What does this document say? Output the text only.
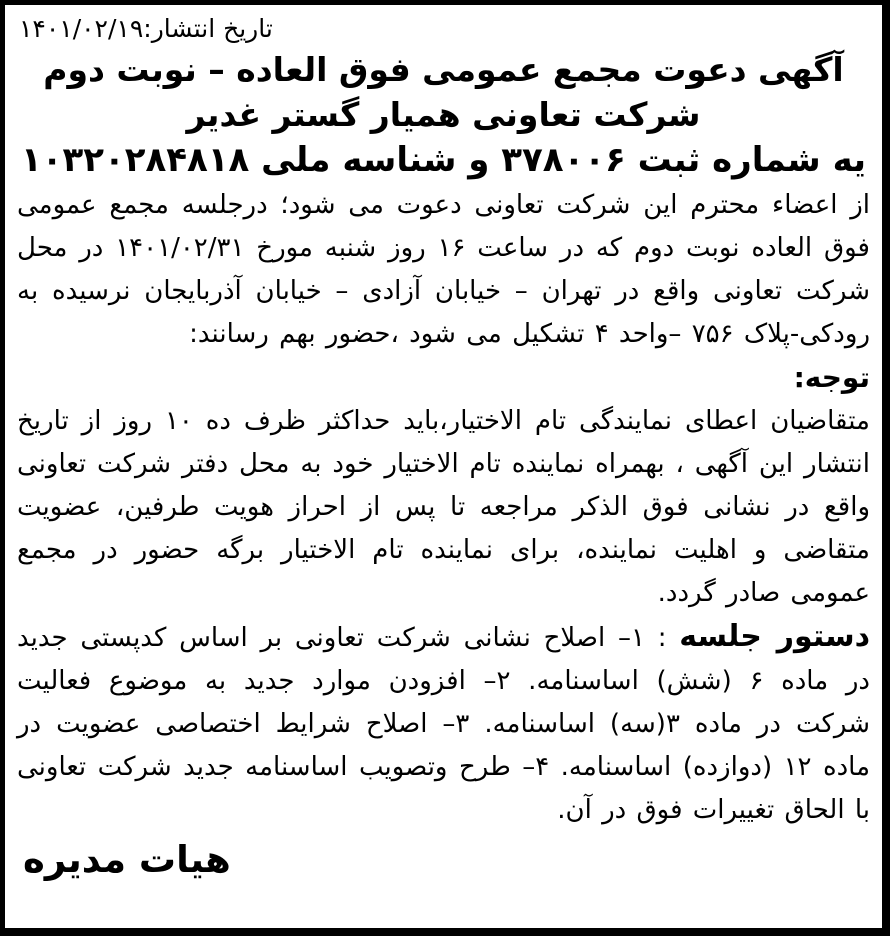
تاریخ انتشار:۱۴۰۱/۰۲/۱۹
آگهی دعوت مجمع عمومی فوق العاده – نوبت دوم
شرکت تعاونی همیار گستر غدیر
یه شماره ثبت ۳۷۸۰۰۶ و شناسه ملی ۱۰۳۲۰۲۸۴۸۱۸
از اعضاء محترم این شرکت تعاونی دعوت می شود؛ درجلسه مجمع عمومی فوق العاده نوبت دوم که در ساعت ۱۶ روز شنبه مورخ ۱۴۰۱/۰۲/۳۱ در محل شرکت تعاونی واقع در تهران – خیابان آزادی – خیابان آذربایجان نرسیده به رودکی-پلاک ۷۵۶ –واحد ۴ تشکیل می شود ،حضور بهم رسانند:
توجه:
متقاضیان اعطای نمایندگی تام الاختیار،باید حداکثر ظرف ده ۱۰ روز از تاریخ انتشار این آگهی ، بهمراه نماینده تام الاختیار خود به محل دفتر شرکت تعاونی واقع در نشانی فوق الذکر مراجعه تا پس از احراز هویت طرفین، عضویت متقاضی و اهلیت نماینده، برای نماینده تام الاختیار برگه حضور در مجمع عمومی صادر گردد.
دستور جلسه : ۱– اصلاح نشانی شرکت تعاونی بر اساس کدپستی جدید در ماده ۶ (شش) اساسنامه. ۲– افزودن موارد جدید به موضوع فعالیت شرکت در ماده ۳(سه) اساسنامه. ۳– اصلاح شرایط اختصاصی عضویت در ماده ۱۲ (دوازده) اساسنامه. ۴– طرح وتصویب اساسنامه جدید شرکت تعاونی با الحاق تغییرات فوق در آن.
هیات مدیره
